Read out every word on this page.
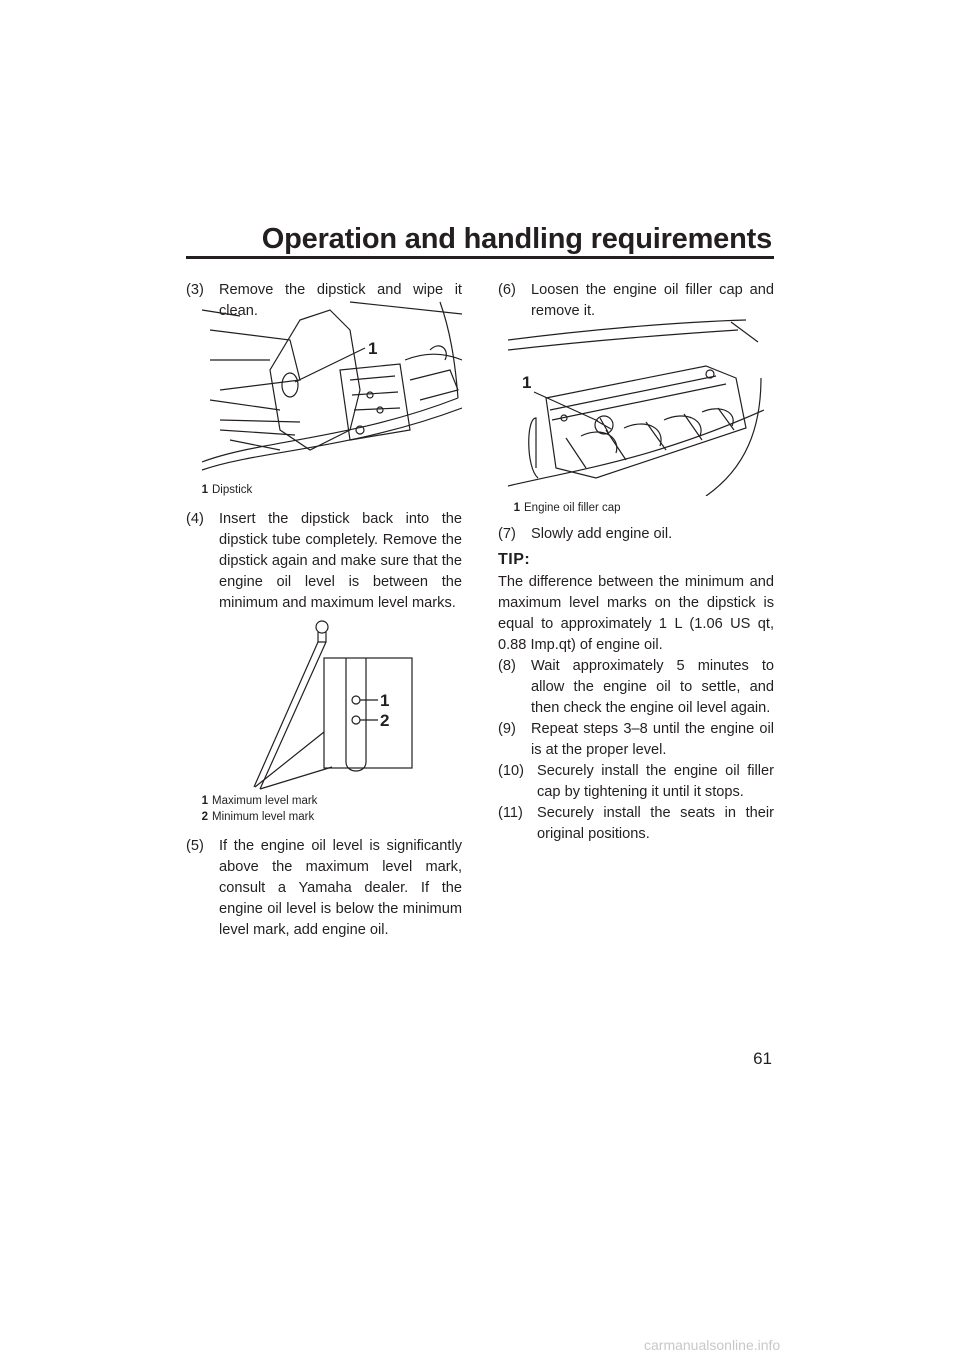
Operation and handling requirements
(3)	Remove the dipstick and wipe it clean.
1
1 Dipstick
(4)	Insert the dipstick back into the dipstick tube completely. Remove the dipstick again and make sure that the engine oil level is between the minimum and maximum level marks.
1
2
1 Maximum level mark
2 Minimum level mark
(5)	If the engine oil level is significantly above the maximum level mark, consult a Yamaha dealer. If the engine oil level is below the minimum level mark, add engine oil.
(6)	Loosen the engine oil filler cap and remove it.
1
1 Engine oil filler cap
(7)	Slowly add engine oil.
TIP:

The difference between the minimum and maximum level marks on the dipstick is equal to approximately 1 L (1.06 US qt, 0.88 Imp.qt) of engine oil.

(8)	Wait approximately 5 minutes to allow the engine oil to settle, and then check the engine oil level again.
(9)	Repeat steps 3–8 until the engine oil is at the proper level.
(10) Securely install the engine oil filler cap by tightening it until it stops.
(11) Securely install the seats in their original positions.
61
carmanualsonline.info
